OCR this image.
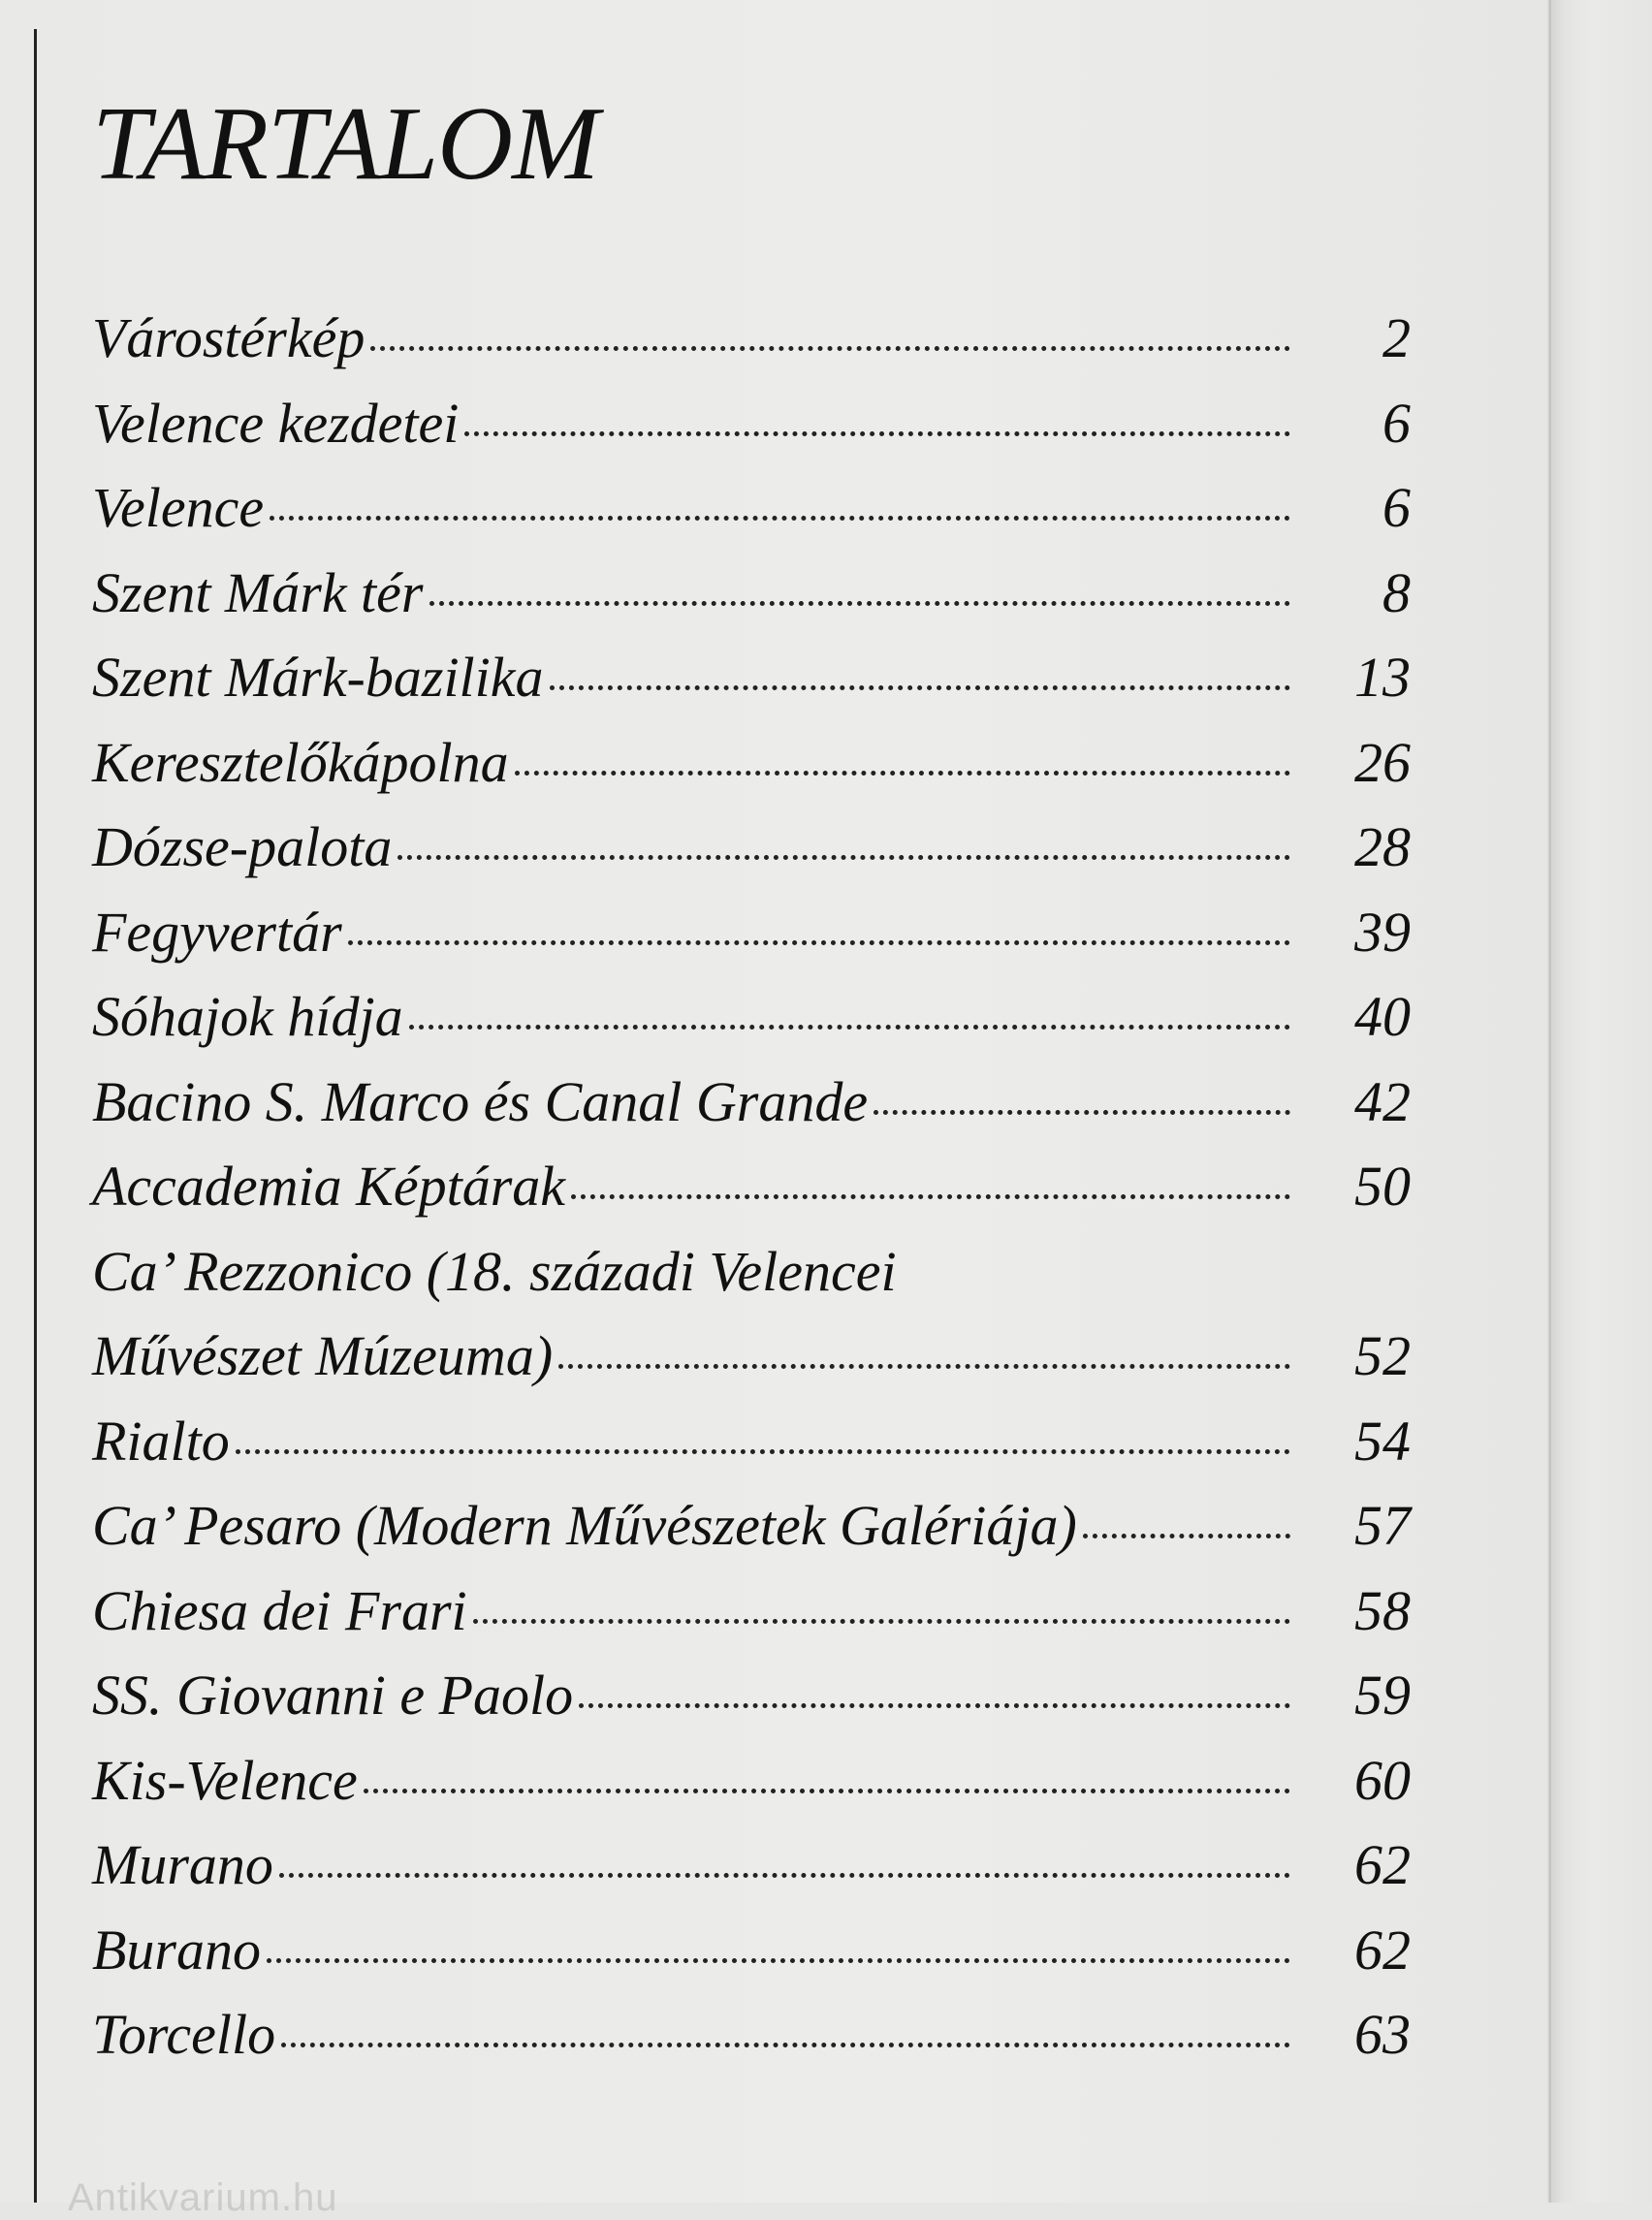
TARTALOM
Várostérkép	2
Velence kezdetei	6
Velence	6
Szent Márk tér	8
Szent Márk-bazilika	13
Keresztelőkápolna	26
Dózse-palota	28
Fegyvertár	39
Sóhajok hídja	40
Bacino S. Marco és Canal Grande	42
Accademia Képtárak	50
Ca’ Rezzonico (18. századi Velencei
Művészet Múzeuma)	52
Rialto	54
Ca’ Pesaro (Modern Művészetek Galériája)	57
Chiesa dei Frari	58
SS. Giovanni e Paolo	59
Kis-Velence	60
Murano	62
Burano	62
Torcello	63
Antikvarium.hu
